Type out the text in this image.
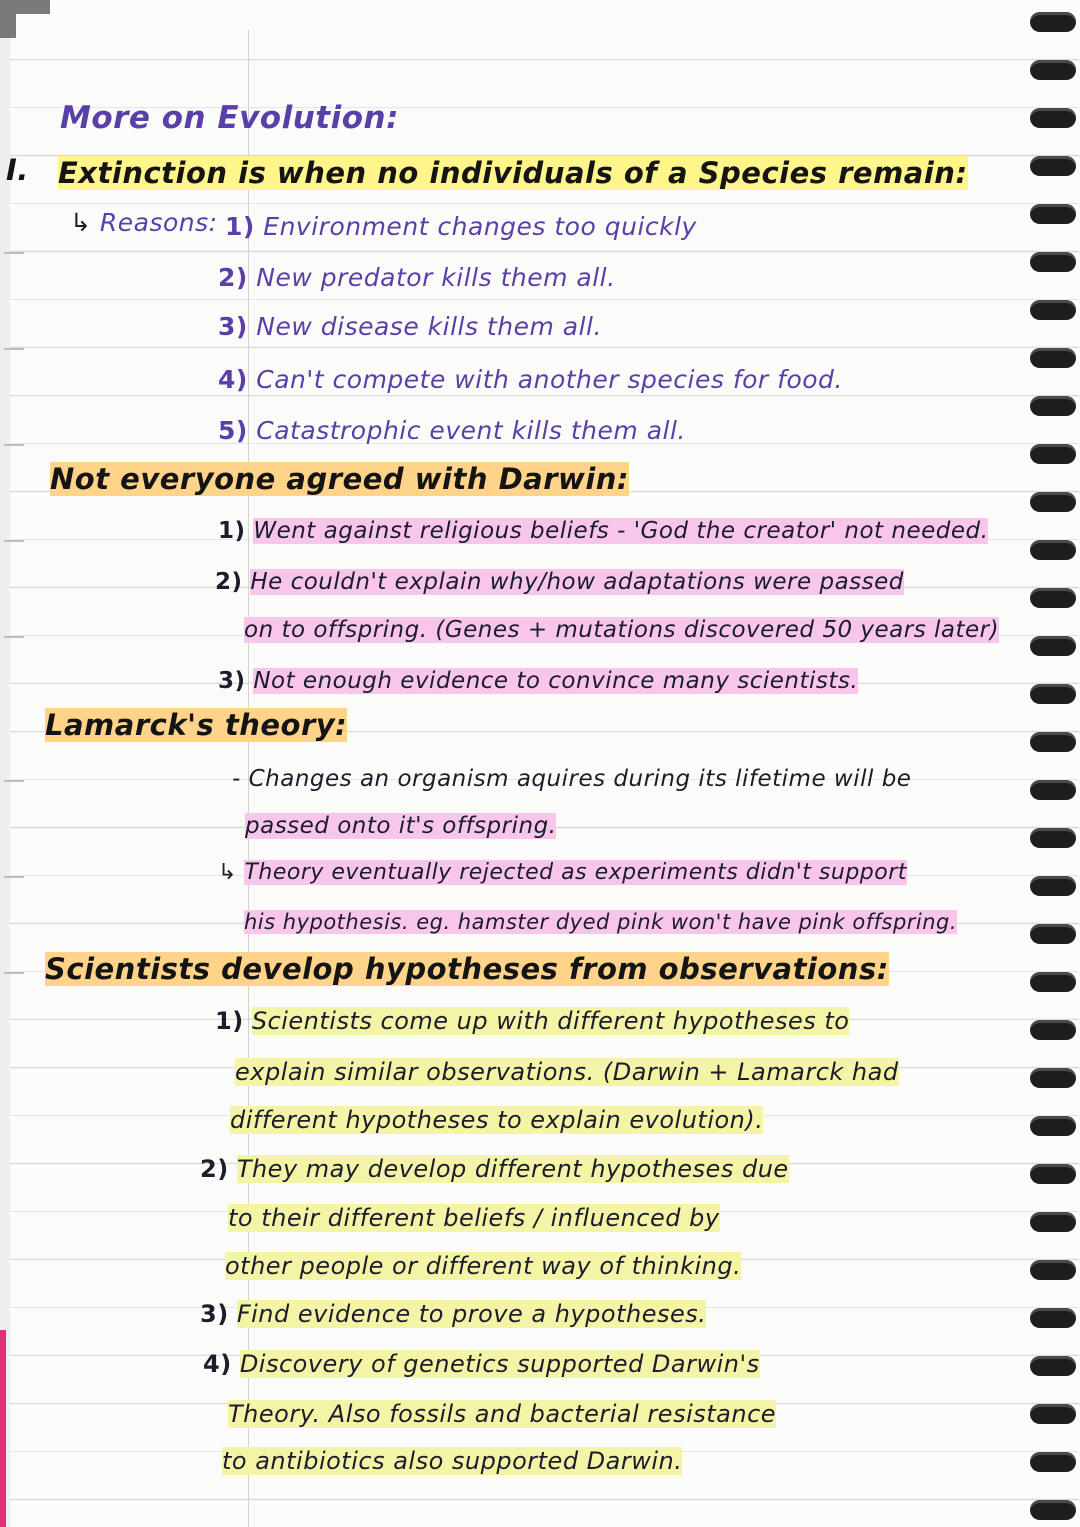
More on Evolution:
I. Extinction is when no individuals of a Species remain:
↳ Reasons: 1) Environment changes too quickly
2) New predator kills them all.
3) New disease kills them all.
4) Can't compete with another species for food.
5) Catastrophic event kills them all.
Not everyone agreed with Darwin:
1) Went against religious beliefs - 'God the creator' not needed.
2) He couldn't explain why/how adaptations were passed
on to offspring. (Genes + mutations discovered 50 years later)
3) Not enough evidence to convince many scientists.
Lamarck's theory:
- Changes an organism aquires during its lifetime will be
passed onto it's offspring.
↳ Theory eventually rejected as experiments didn't support
his hypothesis. eg. hamster dyed pink won't have pink offspring.
Scientists develop hypotheses from observations:
1) Scientists come up with different hypotheses to
explain similar observations. (Darwin + Lamarck had
different hypotheses to explain evolution).
2) They may develop different hypotheses due
to their different beliefs / influenced by
other people or different way of thinking.
3) Find evidence to prove a hypotheses.
4) Discovery of genetics supported Darwin's
Theory. Also fossils and bacterial resistance
to antibiotics also supported Darwin.
